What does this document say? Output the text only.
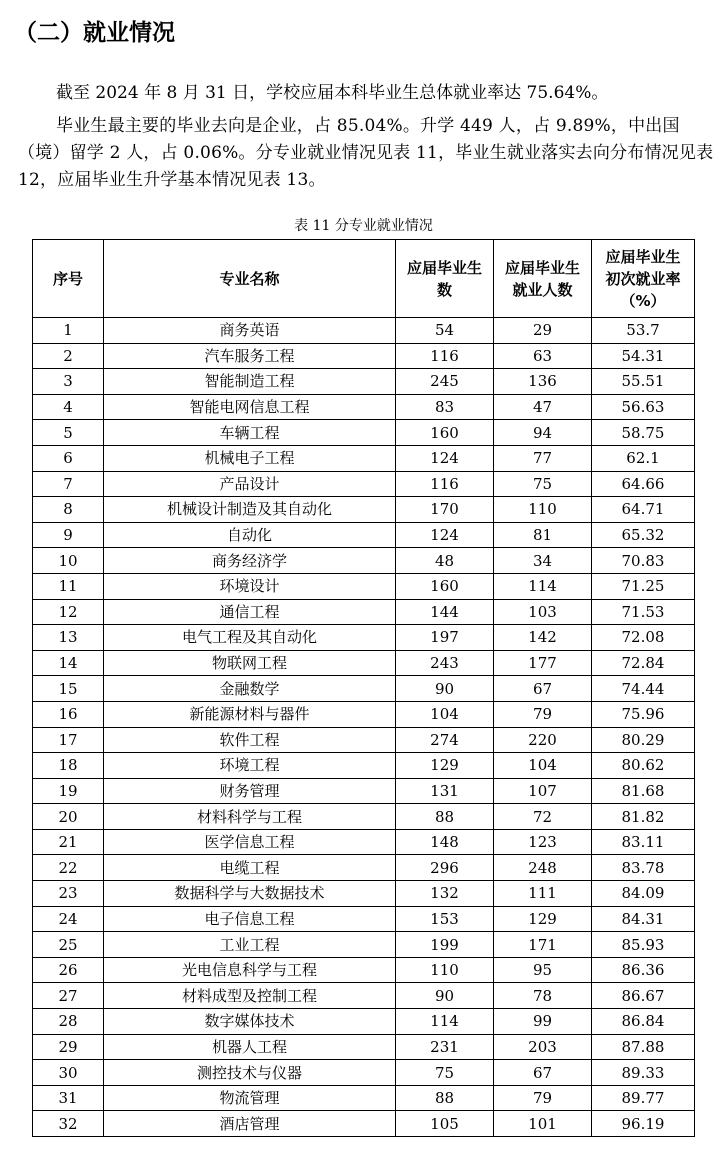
（二）就业情况

截至 2024 年 8 月 31 日，学校应届本科毕业生总体就业率达 75.64%。

毕业生最主要的毕业去向是企业，占 85.04%。升学 449 人，占 9.89%，中出国（境）留学 2 人，占 0.06%。分专业就业情况见表 11，毕业生就业落实去向分布情况见表 12，应届毕业生升学基本情况见表 13。

表 11 分专业就业情况
序号	专业名称	应届毕业生数	应届毕业生就业人数	应届毕业生初次就业率（%）
1	商务英语	54	29	53.7
2	汽车服务工程	116	63	54.31
3	智能制造工程	245	136	55.51
4	智能电网信息工程	83	47	56.63
5	车辆工程	160	94	58.75
6	机械电子工程	124	77	62.1
7	产品设计	116	75	64.66
8	机械设计制造及其自动化	170	110	64.71
9	自动化	124	81	65.32
10	商务经济学	48	34	70.83
11	环境设计	160	114	71.25
12	通信工程	144	103	71.53
13	电气工程及其自动化	197	142	72.08
14	物联网工程	243	177	72.84
15	金融数学	90	67	74.44
16	新能源材料与器件	104	79	75.96
17	软件工程	274	220	80.29
18	环境工程	129	104	80.62
19	财务管理	131	107	81.68
20	材料科学与工程	88	72	81.82
21	医学信息工程	148	123	83.11
22	电缆工程	296	248	83.78
23	数据科学与大数据技术	132	111	84.09
24	电子信息工程	153	129	84.31
25	工业工程	199	171	85.93
26	光电信息科学与工程	110	95	86.36
27	材料成型及控制工程	90	78	86.67
28	数字媒体技术	114	99	86.84
29	机器人工程	231	203	87.88
30	测控技术与仪器	75	67	89.33
31	物流管理	88	79	89.77
32	酒店管理	105	101	96.19
